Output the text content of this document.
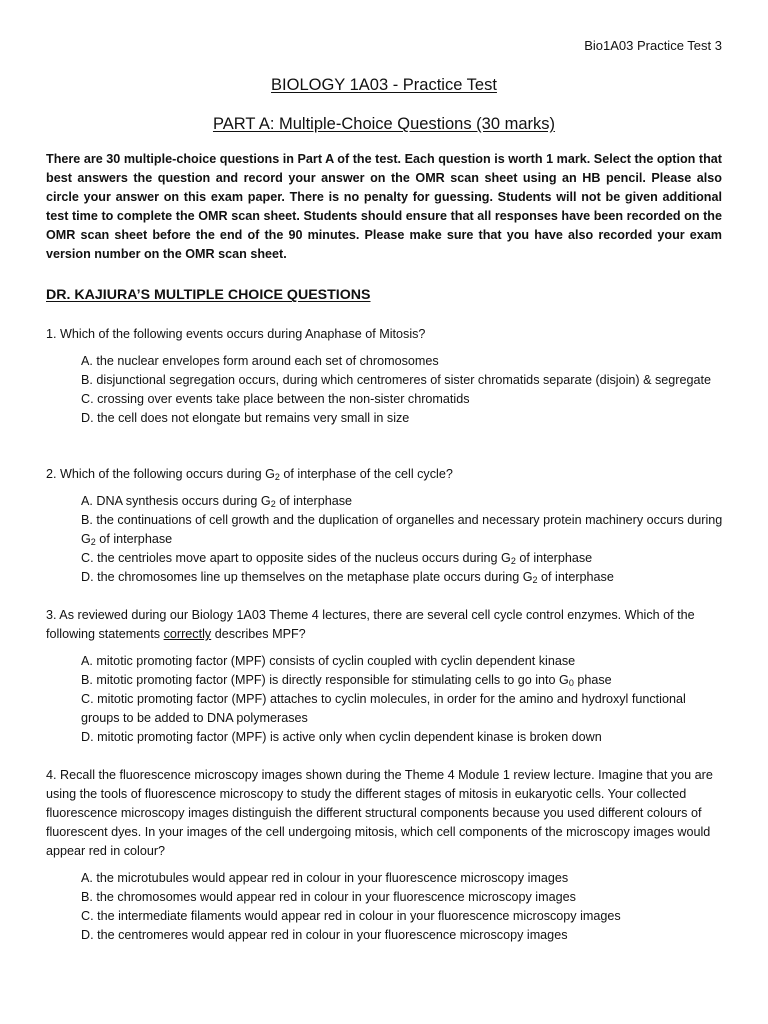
Bio1A03 Practice Test 3
BIOLOGY 1A03 - Practice Test
PART A: Multiple-Choice Questions (30 marks)
There are 30 multiple-choice questions in Part A of the test. Each question is worth 1 mark. Select the option that best answers the question and record your answer on the OMR scan sheet using an HB pencil. Please also circle your answer on this exam paper. There is no penalty for guessing. Students will not be given additional test time to complete the OMR scan sheet. Students should ensure that all responses have been recorded on the OMR scan sheet before the end of the 90 minutes. Please make sure that you have also recorded your exam version number on the OMR scan sheet.
DR. KAJIURA’S MULTIPLE CHOICE QUESTIONS

1. Which of the following events occurs during Anaphase of Mitosis?

A. the nuclear envelopes form around each set of chromosomes
B. disjunctional segregation occurs, during which centromeres of sister chromatids separate (disjoin) & segregate
C. crossing over events take place between the non-sister chromatids
D. the cell does not elongate but remains very small in size

2. Which of the following occurs during $G_2$ of interphase of the cell cycle?

A. DNA synthesis occurs during $G_2$ of interphase
B. the continuations of cell growth and the duplication of organelles and necessary protein machinery occurs during $G_2$ of interphase
C. the centrioles move apart to opposite sides of the nucleus occurs during $G_2$ of interphase
D. the chromosomes line up themselves on the metaphase plate occurs during $G_2$ of interphase

3. As reviewed during our Biology 1A03 Theme 4 lectures, there are several cell cycle control enzymes. Which of the following statements correctly describes MPF?

A. mitotic promoting factor (MPF) consists of cyclin coupled with cyclin dependent kinase
B. mitotic promoting factor (MPF) is directly responsible for stimulating cells to go into $G_0$ phase
C. mitotic promoting factor (MPF) attaches to cyclin molecules, in order for the amino and hydroxyl functional groups to be added to DNA polymerases
D. mitotic promoting factor (MPF) is active only when cyclin dependent kinase is broken down

4. Recall the fluorescence microscopy images shown during the Theme 4 Module 1 review lecture. Imagine that you are using the tools of fluorescence microscopy to study the different stages of mitosis in eukaryotic cells. Your collected fluorescence microscopy images distinguish the different structural components because you used different colours of fluorescent dyes. In your images of the cell undergoing mitosis, which cell components of the microscopy images would appear red in colour?

A. the microtubules would appear red in colour in your fluorescence microscopy images
B. the chromosomes would appear red in colour in your fluorescence microscopy images
C. the intermediate filaments would appear red in colour in your fluorescence microscopy images
D. the centromeres would appear red in colour in your fluorescence microscopy images
